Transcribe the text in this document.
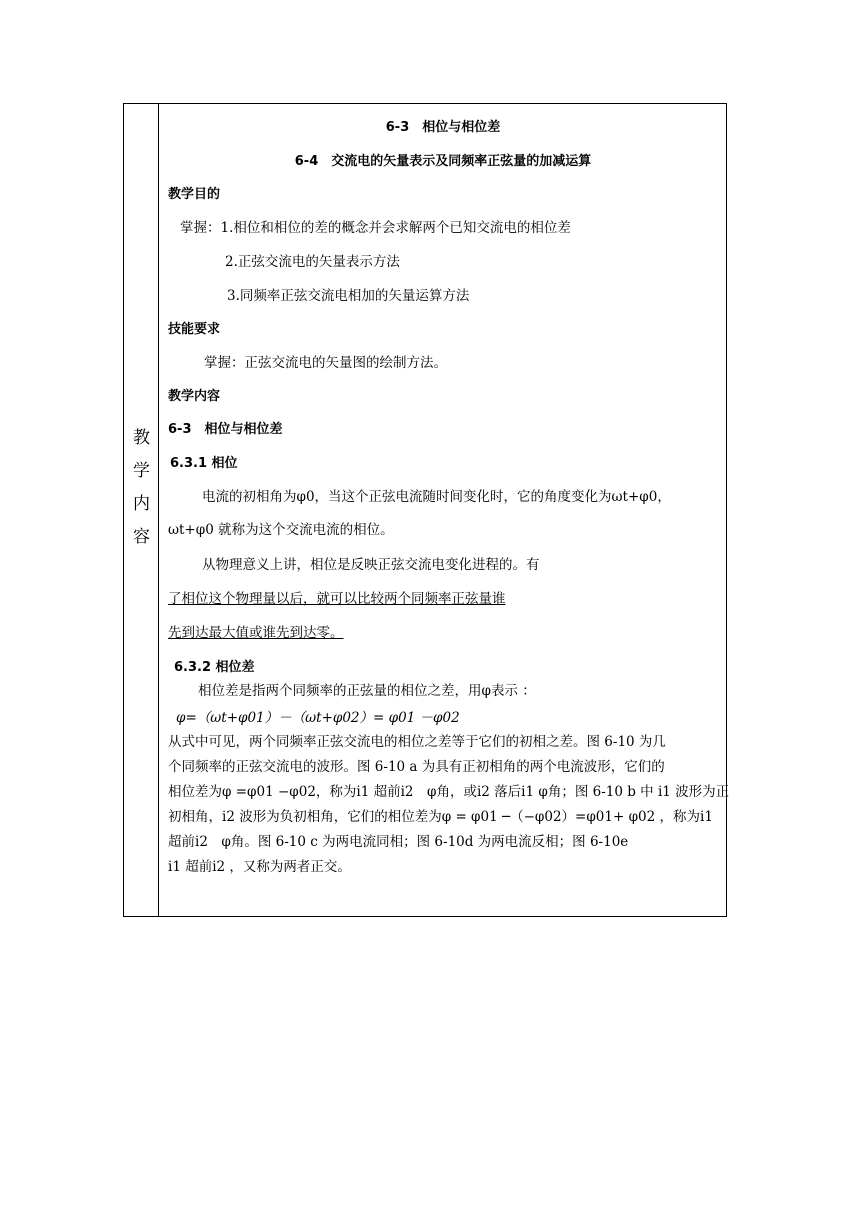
教
学
内
容
6-3　相位与相位差
6-4　交流电的矢量表示及同频率正弦量的加减运算
教学目的
掌握：1.相位和相位的差的概念并会求解两个已知交流电的相位差
2.正弦交流电的矢量表示方法
3.同频率正弦交流电相加的矢量运算方法
技能要求
掌握：正弦交流电的矢量图的绘制方法。
教学内容
6-3　相位与相位差
6.3.1 相位
电流的初相角为φ0，当这个正弦电流随时间变化时，它的角度变化为ωt+φ0，
ωt+φ0 就称为这个交流电流的相位。
从物理意义上讲，相位是反映正弦交流电变化进程的。有
了相位这个物理量以后，就可以比较两个同频率正弦量谁
先到达最大值或谁先到达零。
6.3.2 相位差
相位差是指两个同频率的正弦量的相位之差，用φ表示 ：
φ=（ωt+φ01）－（ωt+φ02）= φ01 －φ02
从式中可见，两个同频率正弦交流电的相位之差等于它们的初相之差。图 6-10 为几
个同频率的正弦交流电的波形。图 6-10 a 为具有正初相角的两个电流波形，它们的
相位差为φ =φ01 −φ02，称为i1 超前i2　φ角，或i2 落后i1 φ角；图 6-10 b 中 i1 波形为正
初相角，i2 波形为负初相角，它们的相位差为φ = φ01 ─（−φ02）=φ01+ φ02 ，称为i1
超前i2　φ角。图 6-10 c 为两电流同相；图 6-10d 为两电流反相；图 6-10e
i1 超前i2 ，又称为两者正交。
